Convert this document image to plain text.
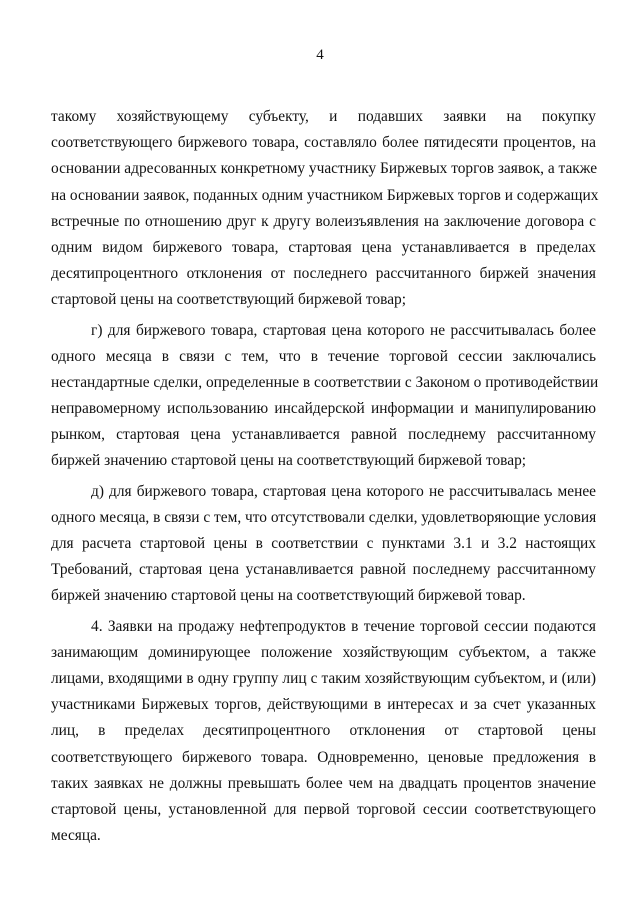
4
такому хозяйствующему субъекту, и подавших заявки на покупку
соответствующего биржевого товара, составляло более пятидесяти процентов, на
основании адресованных конкретному участнику Биржевых торгов заявок, а также
на основании заявок, поданных одним участником Биржевых торгов и содержащих
встречные по отношению друг к другу волеизъявления на заключение договора с
одним видом биржевого товара, стартовая цена устанавливается в пределах
десятипроцентного отклонения от последнего рассчитанного биржей значения
стартовой цены на соответствующий биржевой товар;
г) для биржевого товара, стартовая цена которого не рассчитывалась более
одного месяца в связи с тем, что в течение торговой сессии заключались
нестандартные сделки, определенные в соответствии с Законом о противодействии
неправомерному использованию инсайдерской информации и манипулированию
рынком, стартовая цена устанавливается равной последнему рассчитанному
биржей значению стартовой цены на соответствующий биржевой товар;
д) для биржевого товара, стартовая цена которого не рассчитывалась менее
одного месяца, в связи с тем, что отсутствовали сделки, удовлетворяющие условия
для расчета стартовой цены в соответствии с пунктами 3.1 и 3.2 настоящих
Требований, стартовая цена устанавливается равной последнему рассчитанному
биржей значению стартовой цены на соответствующий биржевой товар.
4. Заявки на продажу нефтепродуктов в течение торговой сессии подаются
занимающим доминирующее положение хозяйствующим субъектом, а также
лицами, входящими в одну группу лиц с таким хозяйствующим субъектом, и (или)
участниками Биржевых торгов, действующими в интересах и за счет указанных
лиц, в пределах десятипроцентного отклонения от стартовой цены
соответствующего биржевого товара. Одновременно, ценовые предложения в
таких заявках не должны превышать более чем на двадцать процентов значение
стартовой цены, установленной для первой торговой сессии соответствующего
месяца.
